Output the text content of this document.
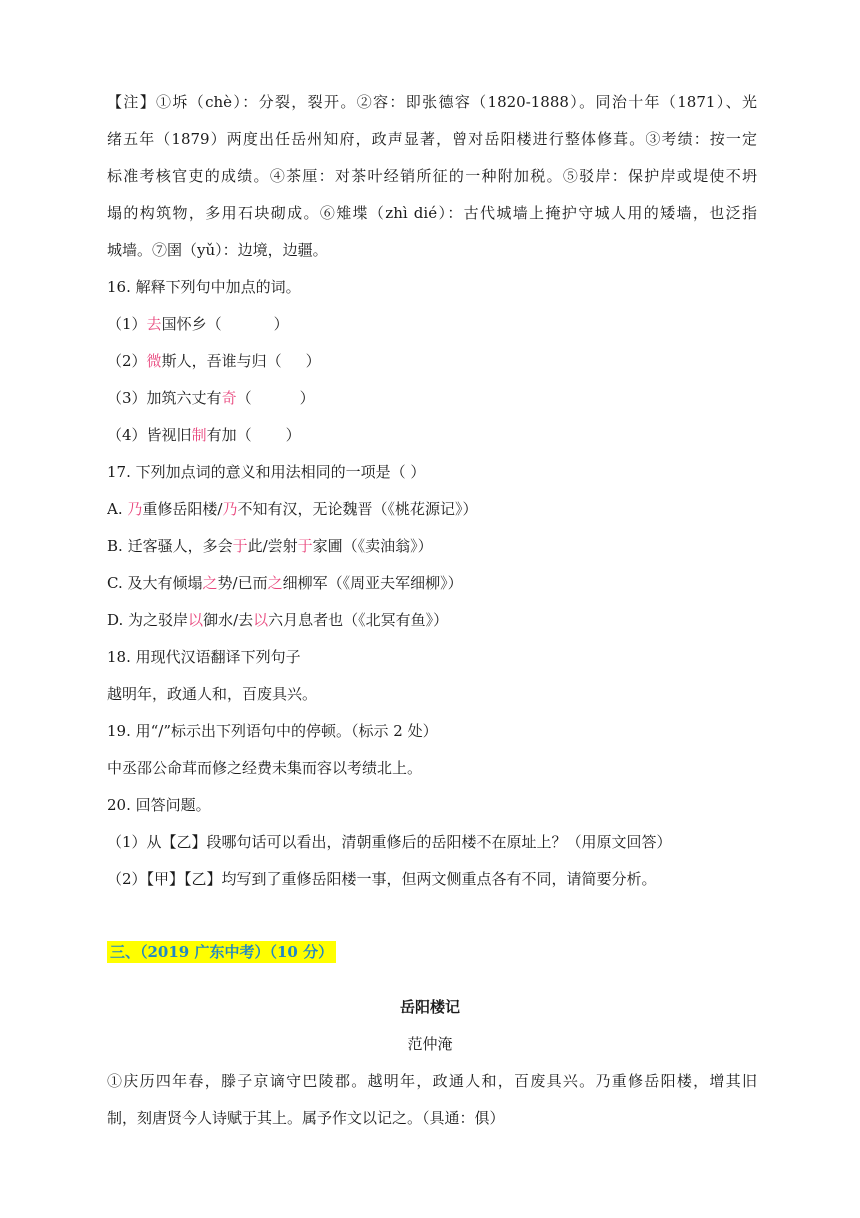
【注】①坼（chè）：分裂，裂开。②容：即张德容（1820-1888）。同治十年（1871）、光
绪五年（1879）两度出任岳州知府，政声显著，曾对岳阳楼进行整体修葺。③考绩：按一定
标准考核官吏的成绩。④茶厘：对茶叶经销所征的一种附加税。⑤驳岸：保护岸或堤使不坍
塌的构筑物，多用石块砌成。⑥雉堞（zhì dié）：古代城墙上掩护守城人用的矮墙，也泛指
城墙。⑦圉（yǔ）：边境，边疆。
16. 解释下列句中加点的词。
（1）去国怀乡（	）
（2）微斯人，吾谁与归（ ）
（3）加筑六丈有奇（	）
（4）皆视旧制有加（ ）
17. 下列加点词的意义和用法相同的一项是（ ）
A. 乃重修岳阳楼/乃不知有汉，无论魏晋（《桃花源记》）
B. 迁客骚人，多会于此/尝射于家圃（《卖油翁》）
C. 及大有倾塌之势/已而之细柳军（《周亚夫军细柳》）
D. 为之驳岸以御水/去以六月息者也（《北冥有鱼》）
18. 用现代汉语翻译下列句子
越明年，政通人和，百废具兴。
19. 用“/”标示出下列语句中的停顿。（标示 2 处）
中丞邵公命茸而修之经费未集而容以考绩北上。
20. 回答问题。
（1）从【乙】段哪句话可以看出，清朝重修后的岳阳楼不在原址上？（用原文回答）
（2）【甲】【乙】均写到了重修岳阳楼一事，但两文侧重点各有不同，请简要分析。
三、（2019 广东中考）（10 分）
岳阳楼记
范仲淹
①庆历四年春，滕子京谪守巴陵郡。越明年，政通人和，百废具兴。乃重修岳阳楼，增其旧
制，刻唐贤今人诗赋于其上。属予作文以记之。（具通：俱）
